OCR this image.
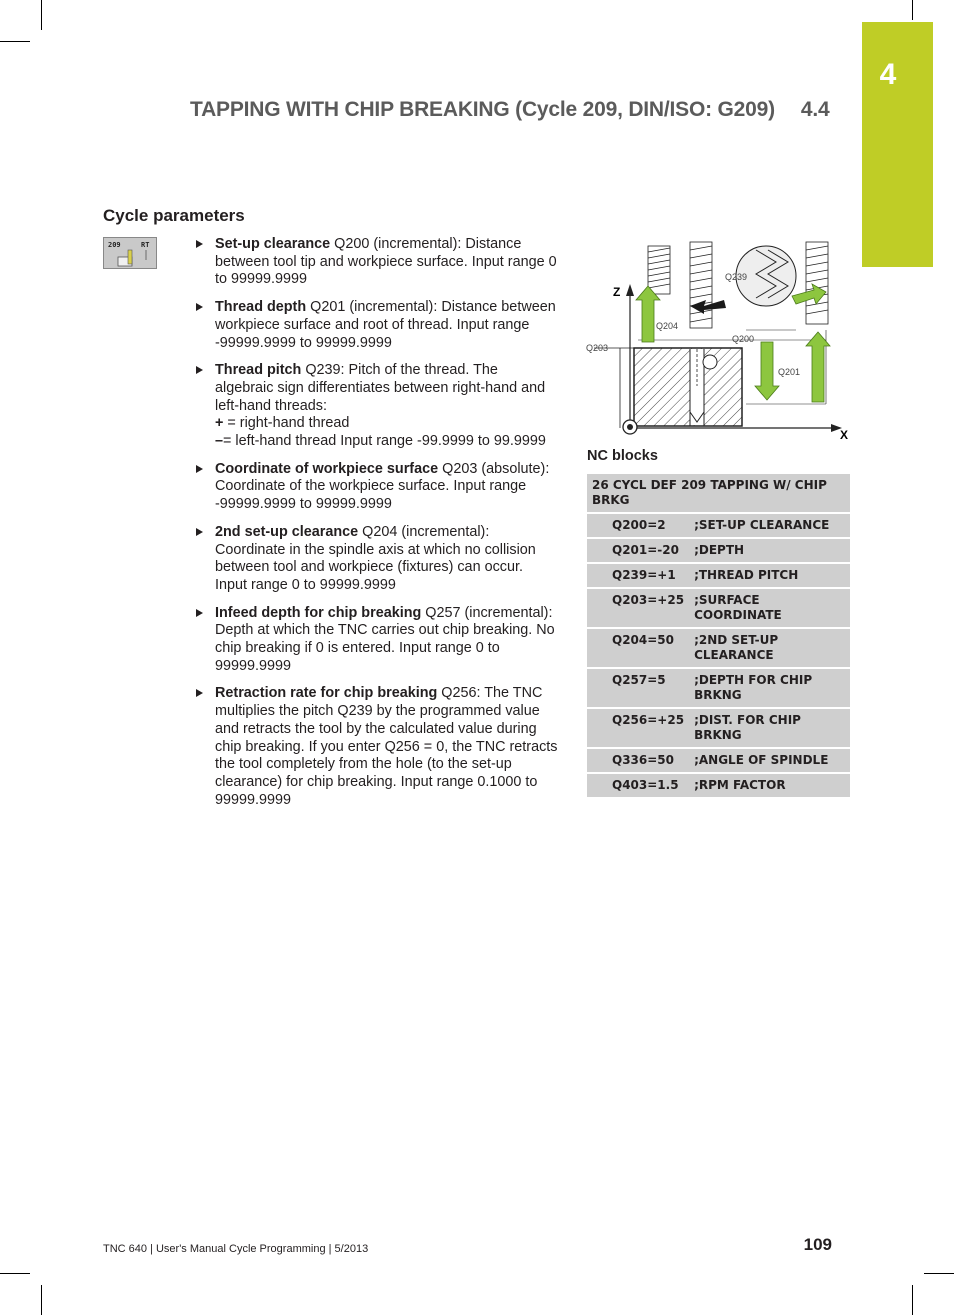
4
TAPPING WITH CHIP BREAKING (Cycle 209, DIN/ISO: G209) 4.4
Cycle parameters
209	RT	Set-up clearance Q200 (incremental): Distance between tool tip and workpiece surface. Input range 0 to 99999.9999
Thread depth Q201 (incremental): Distance between workpiece surface and root of thread. Input range -99999.9999 to 99999.9999
Thread pitch Q239: Pitch of the thread. The algebraic sign differentiates between right-hand and left-hand threads:
+ = right-hand thread
–= left-hand thread Input range -99.9999 to 99.9999
Coordinate of workpiece surface Q203 (absolute): Coordinate of the workpiece surface. Input range -99999.9999 to 99999.9999
2nd set-up clearance Q204 (incremental): Coordinate in the spindle axis at which no collision between tool and workpiece (fixtures) can occur. Input range 0 to 99999.9999
Infeed depth for chip breaking Q257 (incremental): Depth at which the TNC carries out chip breaking. No chip breaking if 0 is entered. Input range 0 to 99999.9999
Retraction rate for chip breaking Q256: The TNC multiplies the pitch Q239 by the programmed value and retracts the tool by the calculated value during chip breaking. If you enter Q256 = 0, the TNC retracts the tool completely from the hole (to the set-up clearance) for chip breaking. Input range 0.1000 to 99999.9999
Z
X
Q203
Q239
Q204
Q200
Q201
NC blocks
26 CYCL DEF 209 TAPPING W/ CHIP BRKG	
Q200=2	;SET-UP CLEARANCE
Q201=-20	;DEPTH
Q239=+1	;THREAD PITCH
Q203=+25	;SURFACE COORDINATE
Q204=50	;2ND SET-UP CLEARANCE
Q257=5	;DEPTH FOR CHIP BRKNG
Q256=+25	;DIST. FOR CHIP BRKNG
Q336=50	;ANGLE OF SPINDLE
Q403=1.5	;RPM FACTOR
TNC 640 | User's Manual Cycle Programming | 5/2013	109
